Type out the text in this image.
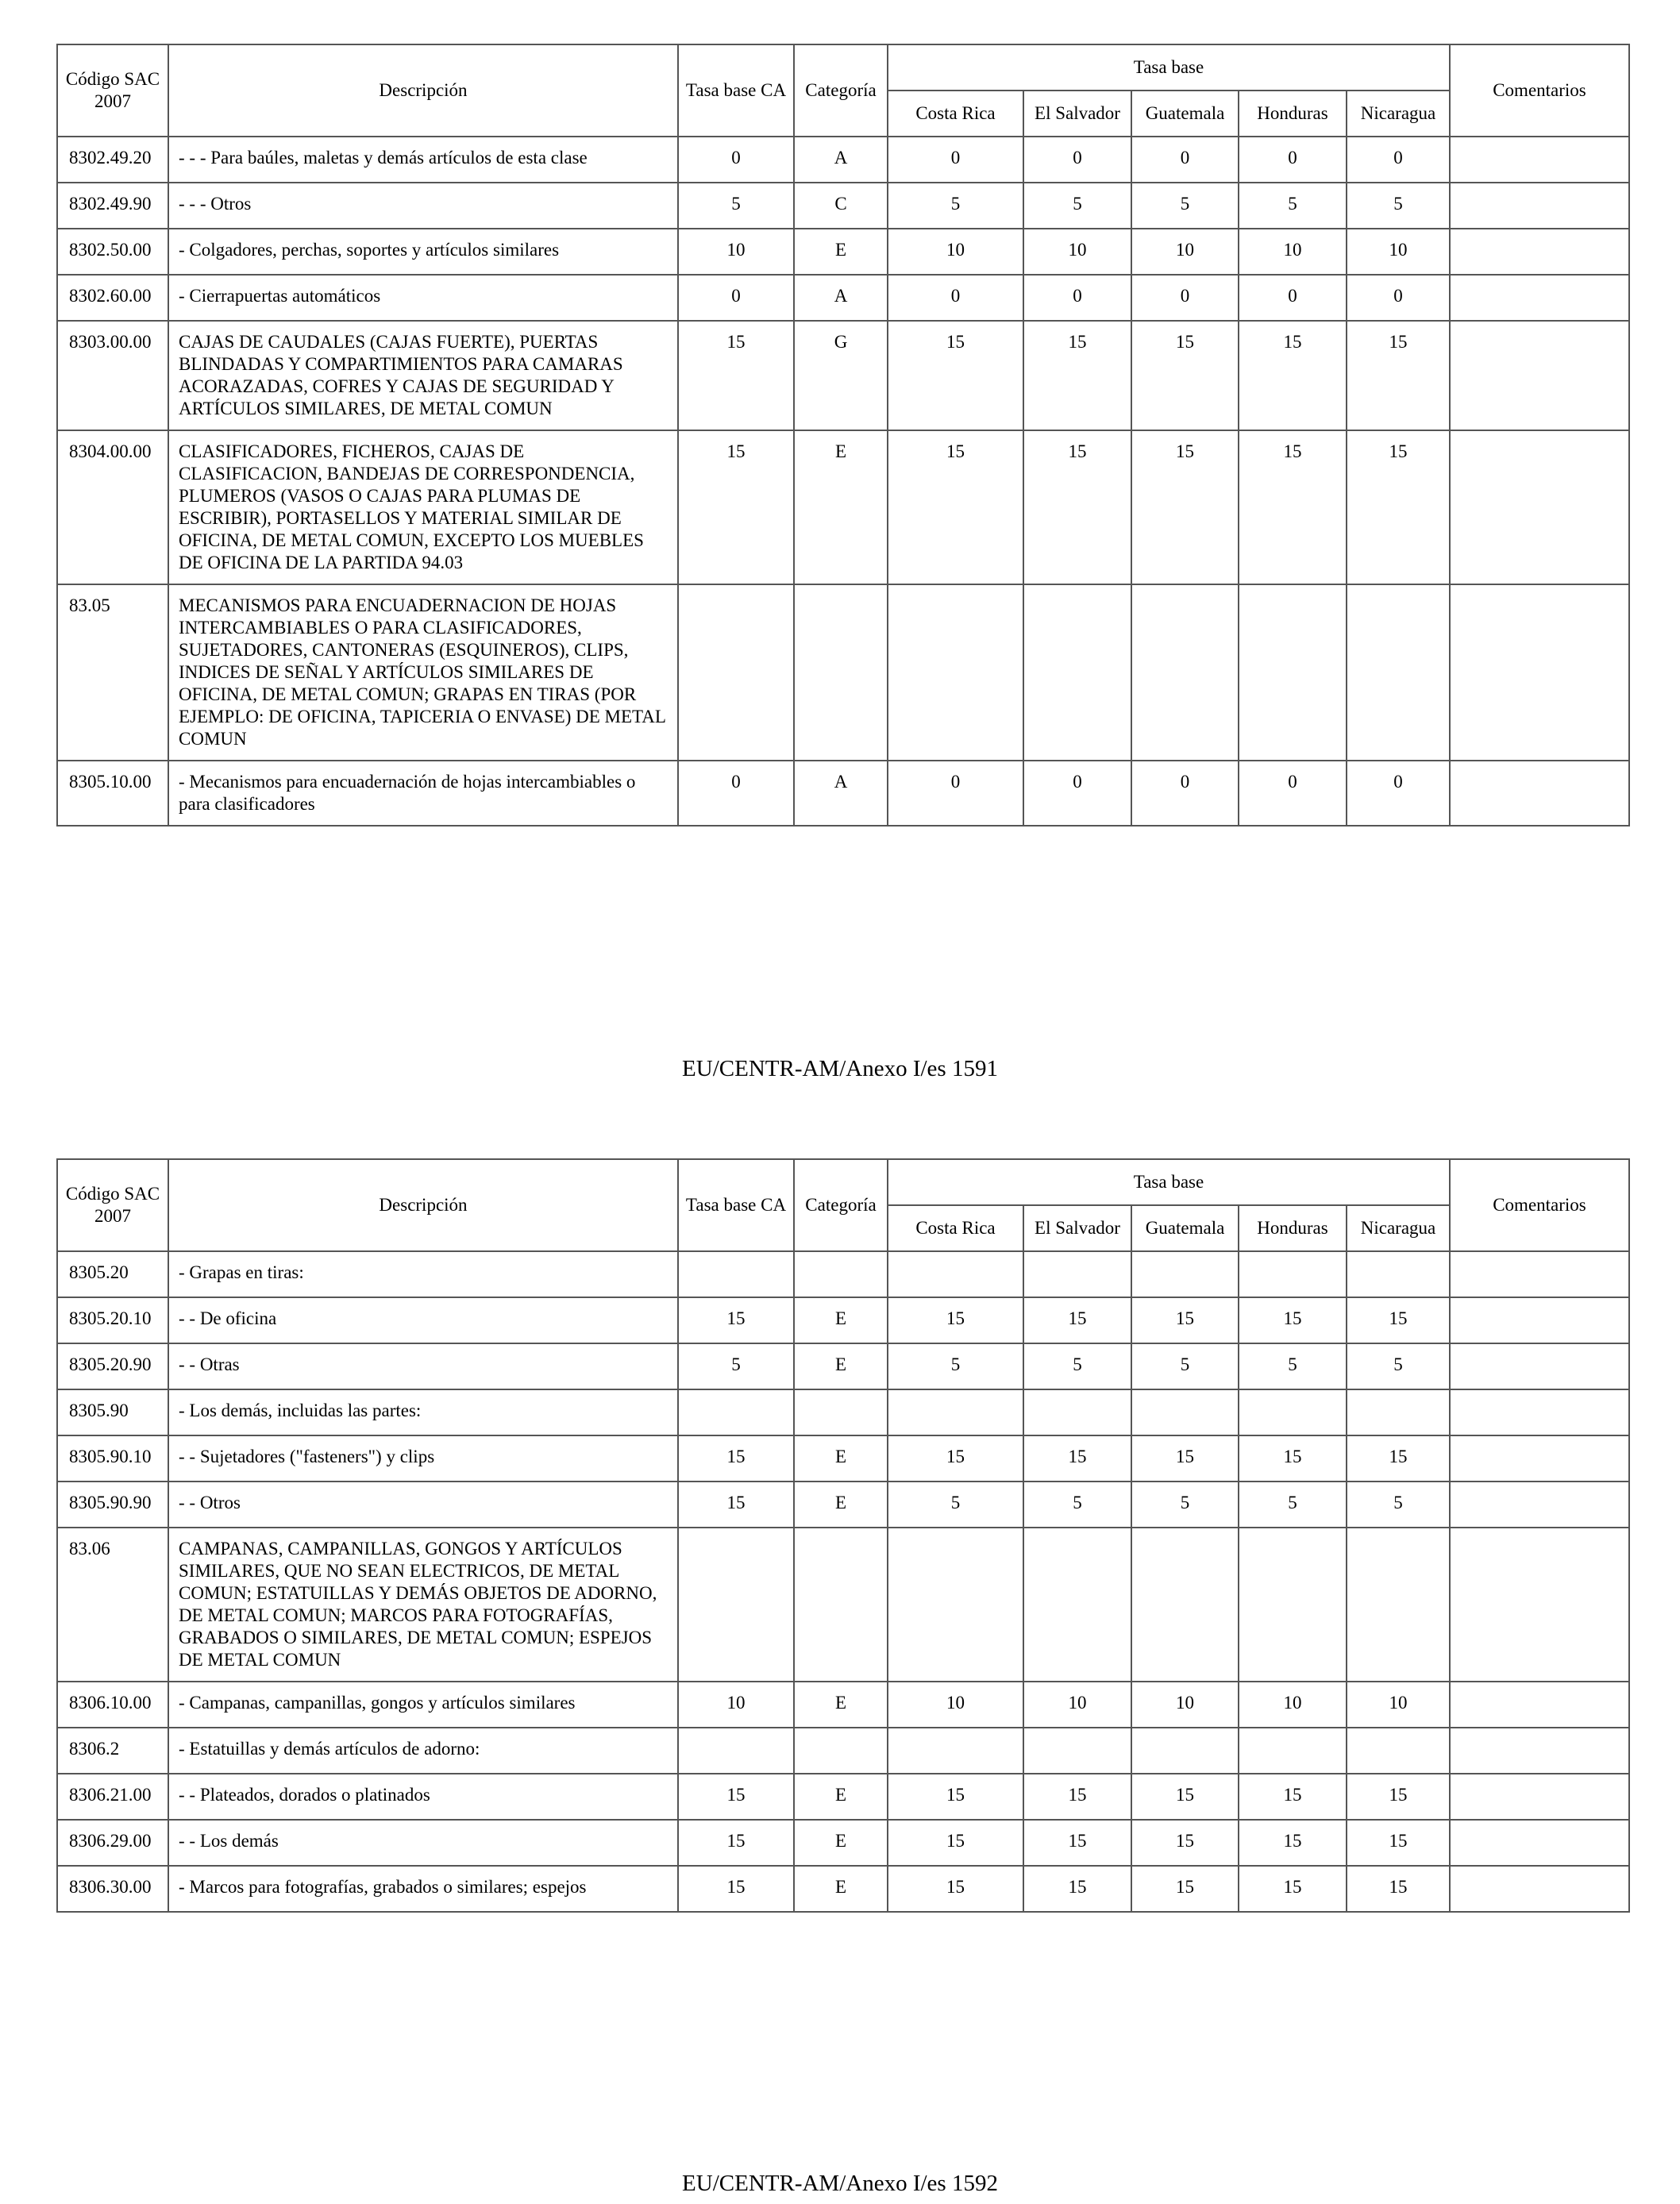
Código SAC 2007	Descripción	Tasa base CA	Categoría	Tasa base					Comentarios
				Costa Rica	El Salvador	Guatemala	Honduras	Nicaragua	
8302.49.20	- - - Para baúles, maletas y demás artículos de esta clase	0	A	0	0	0	0	0	
8302.49.90	- - - Otros	5	C	5	5	5	5	5	
8302.50.00	- Colgadores, perchas, soportes y artículos similares	10	E	10	10	10	10	10	
8302.60.00	- Cierrapuertas automáticos	0	A	0	0	0	0	0	
8303.00.00	CAJAS DE CAUDALES (CAJAS FUERTE), PUERTAS BLINDADAS Y COMPARTIMIENTOS PARA CAMARAS ACORAZADAS, COFRES Y CAJAS DE SEGURIDAD Y ARTÍCULOS SIMILARES, DE METAL COMUN	15	G	15	15	15	15	15	
8304.00.00	CLASIFICADORES, FICHEROS, CAJAS DE CLASIFICACION, BANDEJAS DE CORRESPONDENCIA, PLUMEROS (VASOS O CAJAS PARA PLUMAS DE ESCRIBIR), PORTASELLOS Y MATERIAL SIMILAR DE OFICINA, DE METAL COMUN, EXCEPTO LOS MUEBLES DE OFICINA DE LA PARTIDA 94.03	15	E	15	15	15	15	15	
83.05	MECANISMOS PARA ENCUADERNACION DE HOJAS INTERCAMBIABLES O PARA CLASIFICADORES, SUJETADORES, CANTONERAS (ESQUINEROS), CLIPS, INDICES DE SEÑAL Y ARTÍCULOS SIMILARES DE OFICINA, DE METAL COMUN; GRAPAS EN TIRAS (POR EJEMPLO: DE OFICINA, TAPICERIA O ENVASE) DE METAL COMUN								
8305.10.00	- Mecanismos para encuadernación de hojas intercambiables o para clasificadores	0	A	0	0	0	0	0	
EU/CENTR-AM/Anexo I/es 1591
Código SAC 2007	Descripción	Tasa base CA	Categoría	Tasa base					Comentarios
				Costa Rica	El Salvador	Guatemala	Honduras	Nicaragua	
8305.20	- Grapas en tiras:								
8305.20.10	- - De oficina	15	E	15	15	15	15	15	
8305.20.90	- - Otras	5	E	5	5	5	5	5	
8305.90	- Los demás, incluidas las partes:								
8305.90.10	- - Sujetadores ("fasteners") y clips	15	E	15	15	15	15	15	
8305.90.90	- - Otros	15	E	5	5	5	5	5	
83.06	CAMPANAS, CAMPANILLAS, GONGOS Y ARTÍCULOS SIMILARES, QUE NO SEAN ELECTRICOS, DE METAL COMUN; ESTATUILLAS Y DEMÁS OBJETOS DE ADORNO, DE METAL COMUN; MARCOS PARA FOTOGRAFÍAS, GRABADOS O SIMILARES, DE METAL COMUN; ESPEJOS DE METAL COMUN								
8306.10.00	- Campanas, campanillas, gongos y artículos similares	10	E	10	10	10	10	10	
8306.2	- Estatuillas y demás artículos de adorno:								
8306.21.00	- - Plateados, dorados o platinados	15	E	15	15	15	15	15	
8306.29.00	- - Los demás	15	E	15	15	15	15	15	
8306.30.00	- Marcos para fotografías, grabados o similares; espejos	15	E	15	15	15	15	15	
EU/CENTR-AM/Anexo I/es 1592
